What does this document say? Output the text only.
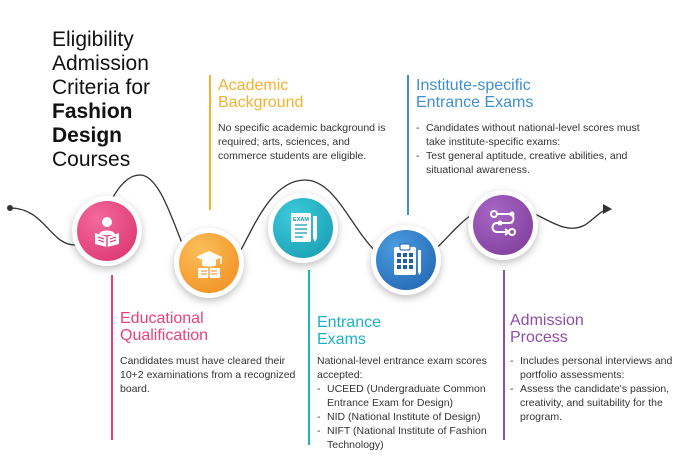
Eligibility
Admission
Criteria for
Fashion
Design
Courses
EXAM
Academic
Background
No specific academic background is required; arts, sciences, and commerce students are eligible.
Institute-specific
Entrance Exams
- Candidates without national-level scores must take institute-specific exams:
- Test general aptitude, creative abilities, and situational awareness.
Educational
Qualification
Candidates must have cleared their 10+2 examinations from a recognized board.
Entrance
Exams
National-level entrance exam scores accepted:
- UCEED (Undergraduate Common Entrance Exam for Design)
- NID (National Institute of Design)
- NIFT (National Institute of Fashion Technology)
Admission
Process
- Includes personal interviews and portfolio assessments:
- Assess the candidate's passion, creativity, and suitability for the program.
